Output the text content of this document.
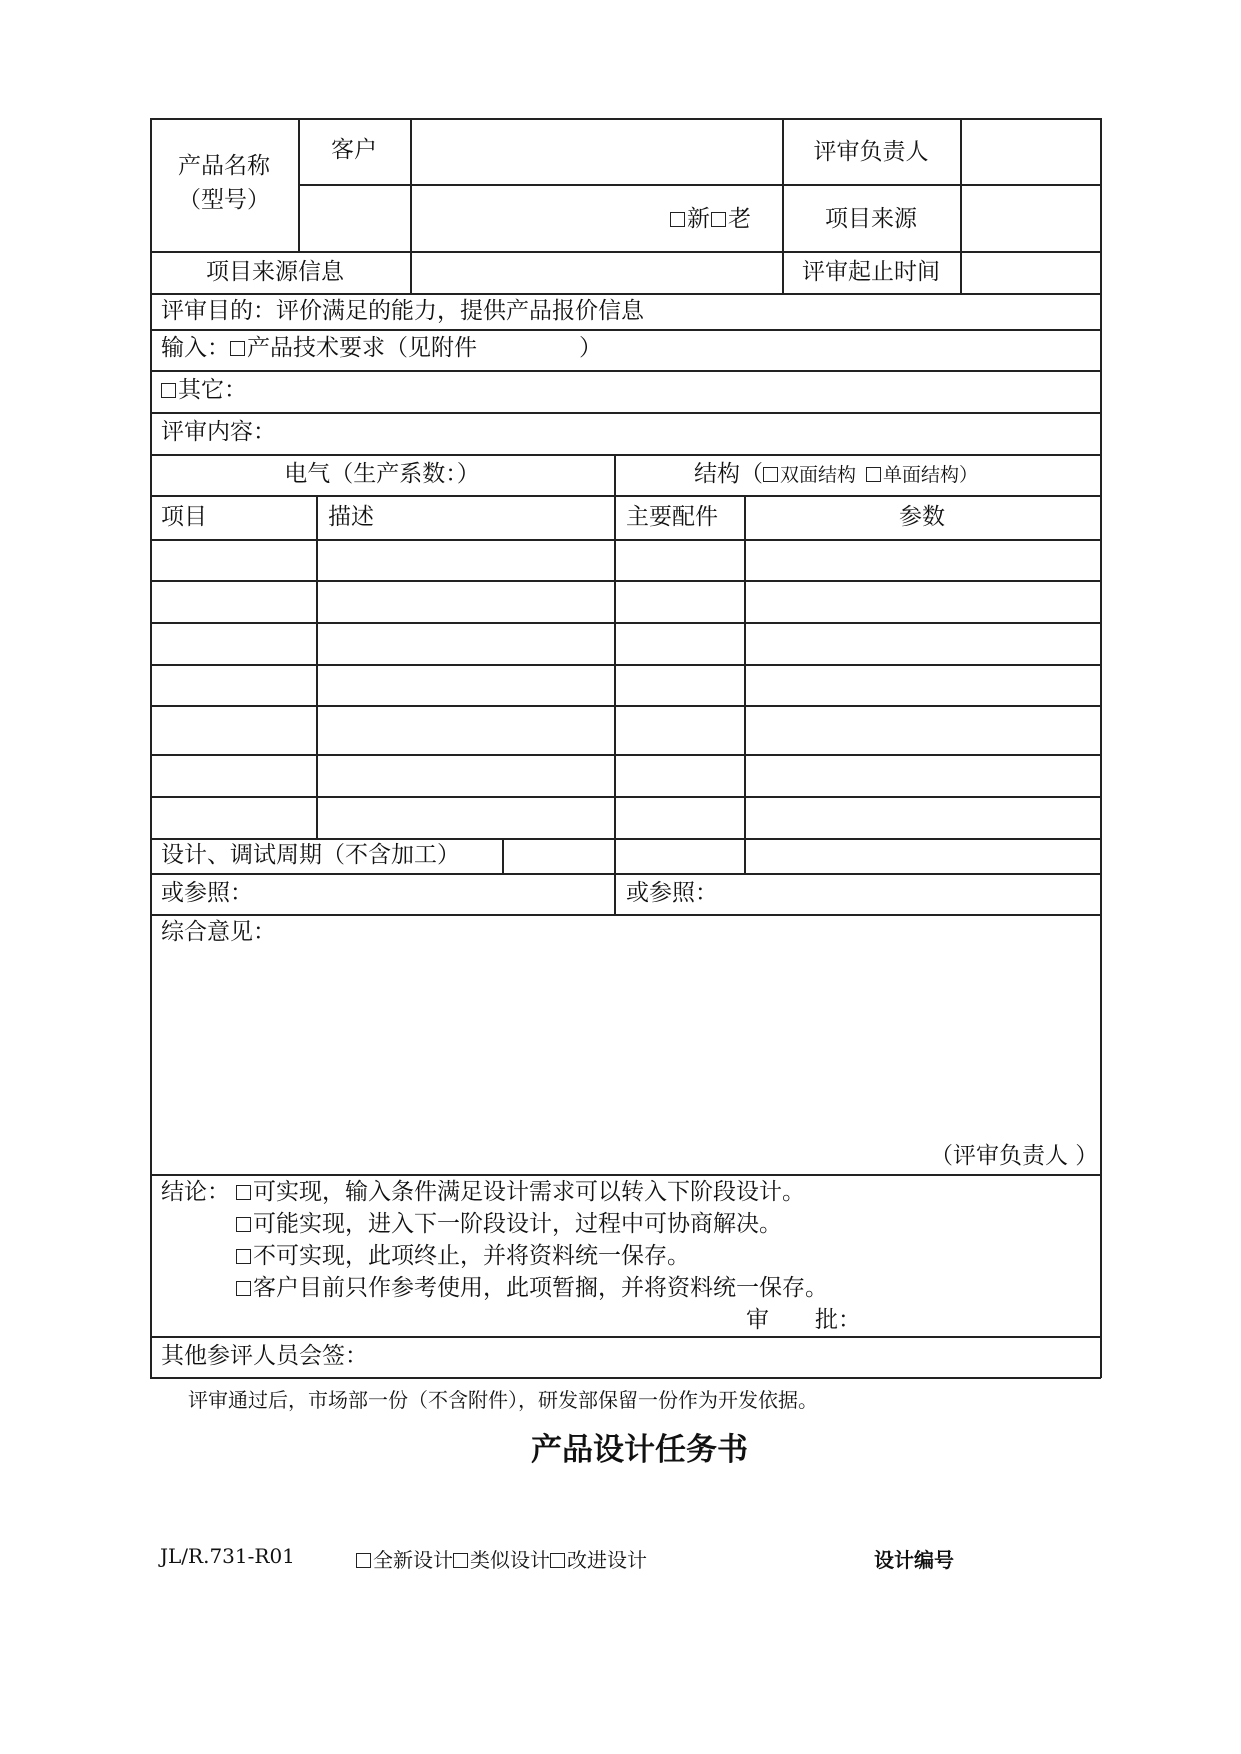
产品名称
（型号）
客户	评审负责人
新 老	项目来源
项目来源信息	评审起止时间
评审目的：评价满足的能力，提供产品报价信息
输入： 产品技术要求（见附件	）
其它：
评审内容：
电气（生产系数：）	结构（ 双面结构 单面结构）
项目	描述	主要配件	参数
设计、调试周期（不含加工）
或参照：	或参照：
综合意见：
（评审负责人 ）
结论：	可实现，输入条件满足设计需求可以转入下阶段设计。
可能实现，进入下一阶段设计，过程中可协商解决。
不可实现，此项终止，并将资料统一保存。
客户目前只作参考使用，此项暂搁，并将资料统一保存。
审　　批：
其他参评人员会签：
评审通过后，市场部一份（不含附件），研发部保留一份作为开发依据。
产品设计任务书
JL/R.731-R01	全新设计 类似设计 改进设计	设计编号
